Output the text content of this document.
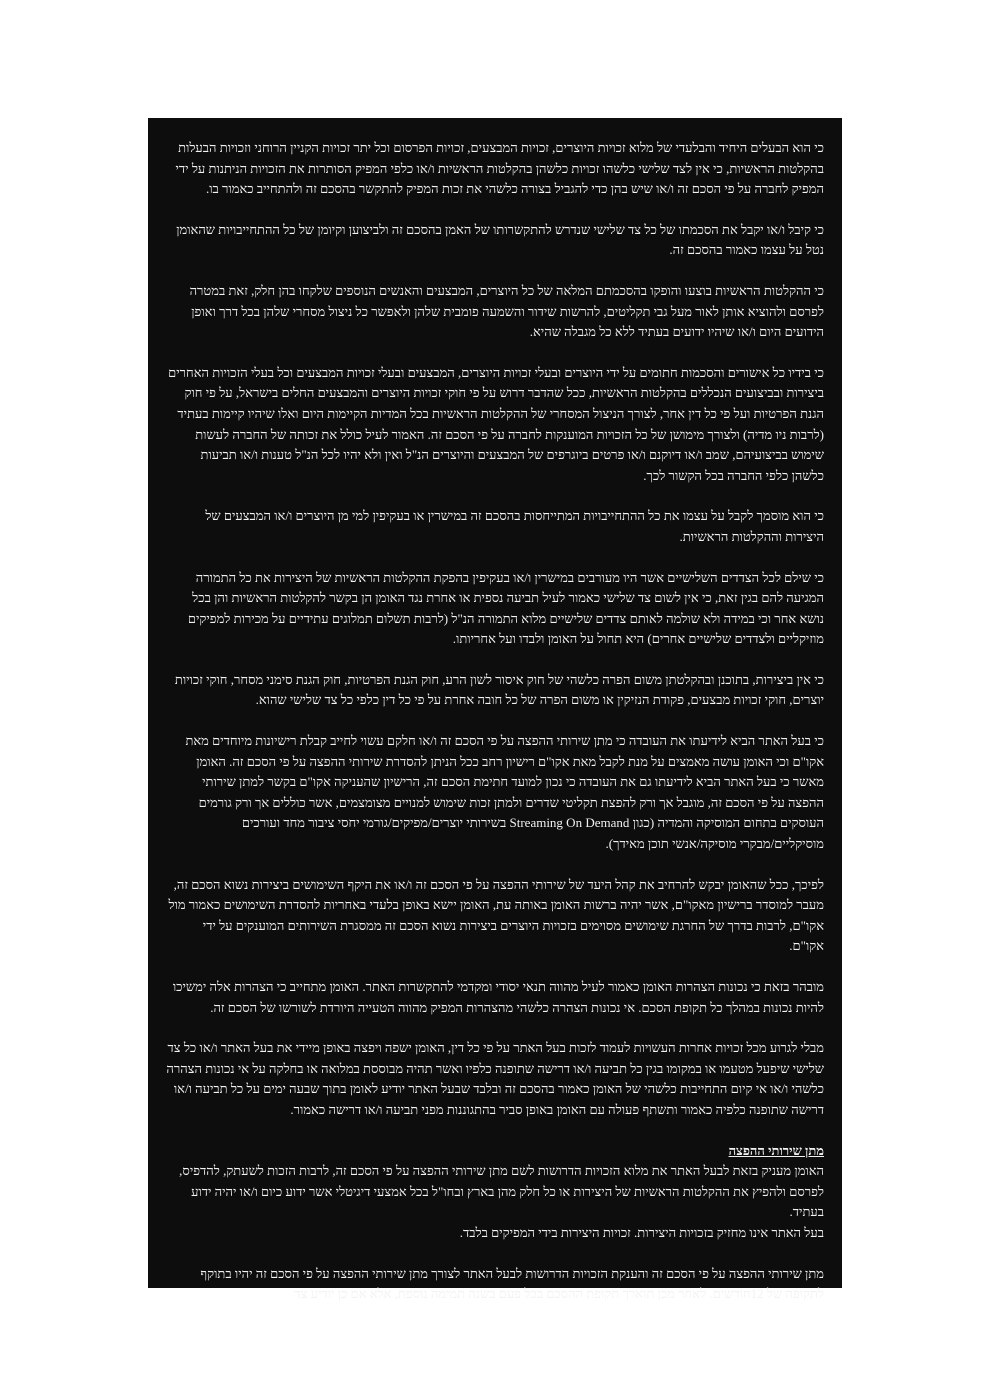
כי הוא הבעלים היחיד והבלעדי של מלוא זכויות היוצרים, זכויות המבצעים, זכויות הפרסום וכל יתר זכויות הקניין הרוחני וזכויות הבעלות בהקלטות הראשיות, כי אין לצד שלישי כלשהו זכויות כלשהן בהקלטות הראשיות ו/או כלפי המפיק הסותרות את הזכויות הניתנות על ידי המפיק לחברה על פי הסכם זה ו/או שיש בהן כדי להגביל בצורה כלשהי את זכות המפיק להתקשר בהסכם זה ולהתחייב כאמור בו.

כי קיבל ו/או יקבל את הסכמתו של כל צד שלישי שנדרש להתקשרותו של האמן בהסכם זה ולביצוען וקיומן של כל ההתחייבויות שהאומן נטל על עצמו כאמור בהסכם זה.

כי ההקלטות הראשיות בוצעו והופקו בהסכמתם המלאה של כל היוצרים, המבצעים והאנשים הנוספים שלקחו בהן חלק, זאת במטרה לפרסם ולהוציא אותן לאור מעל גבי תקליטים, להרשות שידור והשמעה פומבית שלהן ולאפשר כל ניצול מסחרי שלהן בכל דרך ואופן הידועים היום ו/או שיהיו ידועים בעתיד ללא כל מגבלה שהיא.

כי בידיו כל אישורים והסכמות חתומים על ידי היוצרים ובעלי זכויות היוצרים, המבצעים ובעלי זכויות המבצעים וכל בעלי הזכויות האחרים ביצירות ובביצועים הנכללים בהקלטות הראשיות, ככל שהדבר דרוש על פי חוקי זכויות היוצרים והמבצעים החלים בישראל, על פי חוק הגנת הפרטיות ועל פי כל דין אחר, לצורך הניצול המסחרי של ההקלטות הראשיות בכל המדיות הקיימות היום ואלו שיהיו קיימות בעתיד (לרבות ניו מדיה) ולצורך מימושן של כל הזכויות המוענקות לחברה על פי הסכם זה. האמור לעיל כולל את זכותה של החברה לעשות שימוש בביצועיהם, שמב ו/או דיוקנם ו/או פרטים ביוגרפים של המבצעים והיוצרים הנ"ל ואין ולא יהיו לכל הנ"ל טענות ו/או תביעות כלשהן כלפי החברה בכל הקשור לכך.

כי הוא מוסמך לקבל על עצמו את כל ההתחייבויות המתייחסות בהסכם זה במישרין או בעקיפין למי מן היוצרים ו/או המבצעים של היצירות וההקלטות הראשיות.

כי שילם לכל הצדדים השלישיים אשר היו מעורבים במישרין ו/או בעקיפין בהפקת ההקלטות הראשיות של היצירות את כל התמורה המגיעה להם בגין זאת, כי אין לשום צד שלישי כאמור לעיל תביעה נספית או אחרת נגד האומן הן בקשר להקלטות הראשיות והן בכל נושא אחר וכי במידה ולא שולמה לאותם צדדים שלישיים מלוא התמורה הנ"ל (לרבות תשלום תמלוגים עתידיים על מכירות למפיקים מוזיקליים ולצדדים שלישיים אחרים) היא תחול על האומן ולבדו ועל אחריותו.

כי אין ביצירות, בתוכנן ובהקלטתן משום הפרה כלשהי של חוק איסור לשון הרע, חוק הגנת הפרטיות, חוק הגנת סימני מסחר, חוקי זכויות יוצרים, חוקי זכויות מבצעים, פקודת הנזיקין או משום הפרה של כל חובה אחרת על פי כל דין כלפי כל צד שלישי שהוא.

כי בעל האתר הביא לידיעתו את העובדה כי מתן שירותי ההפצה על פי הסכם זה ו/או חלקם עשוי לחייב קבלת רישיונות מיוחדים מאת אקו"ם וכי האומן עושה מאמצים על מנת לקבל מאת אקו"ם רישיון רחב ככל הניתן להסדרת שירותי ההפצה על פי הסכם זה. האומן מאשר כי בעל האתר הביא לידיעתו גם את העובדה כי נכון למועד חתימת הסכם זה, הרישיון שהעניקה אקו"ם בקשר למתן שירותי ההפצה על פי הסכם זה, מוגבל אך ורק להפצת תקליטי שדרים ולמתן זכות שימוש למנויים מצומצמים, אשר כוללים אך ורק גורמים העוסקים בתחום המוסיקה והמדיה (כגון Streaming On Demand בשירותי יוצרים/מפיקים/גורמי יחסי ציבור מחד ועורכים מוסיקליים/מבקרי מוסיקה/אנשי תוכן מאידך).

לפיכך, ככל שהאומן יבקש להרחיב את קהל היעד של שירותי ההפצה על פי הסכם זה ו/או את היקף השימושים ביצירות נשוא הסכם זה, מעבר למוסדר ברישיון מאקו"ם, אשר יהיה ברשות האומן באותה עת, האומן יישא באופן בלעדי באחריות להסדרת השימושים כאמור מול אקו"ם, לרבות בדרך של החרגת שימושים מסוימים בזכויות היוצרים ביצירות נשוא הסכם זה ממסגרת השירותים המוענקים על ידי אקו"ם.

מובהר בזאת כי נכונות הצהרות האומן כאמור לעיל מהווה תנאי יסודי ומקדמי להתקשרות האתר. האומן מתחייב כי הצהרות אלה ימשיכו להיות נכונות במהלך כל תקופת הסכם. אי נכונות הצהרה כלשהי מהצהרות המפיק מהווה הטעייה היורדת לשורשו של הסכם זה.

מבלי לגרוע מכל זכויות אחרות העשויות לעמוד לזכות בעל האתר על פי כל דין, האומן ישפה ויפצה באופן מיידי את בעל האתר ו/או כל צד שלישי שיפעל מטעמו או במקומו בגין כל תביעה ו/או דרישה שתופנה כלפיו ואשר תהיה מבוססת במלואה או בחלקה על אי נכונות הצהרה כלשהי ו/או אי קיום התחייבות כלשהי של האומן כאמור בהסכם זה ובלבד שבעל האתר יודיע לאומן בתוך שבעה ימים על כל תביעה ו/או דרישה שתופנה כלפיה כאמור ותשתף פעולה עם האומן באופן סביר בהתגוננות מפני תביעה ו/או דרישה כאמור.

מתן שירותי ההפצה

האומן מעניק בזאת לבעל האתר את מלוא הזכויות הדרושות לשם מתן שירותי ההפצה על פי הסכם זה, לרבות הזכות לשעתק, להדפיס, לפרסם ולהפיץ את ההקלטות הראשיות של היצירות או כל חלק מהן בארץ ובחו"ל בכל אמצעי דיגיטלי אשר ידוע כיום ו/או יהיה ידוע בעתיד.

בעל האתר אינו מחזיק בזכויות היצירות. זכויות היצירות בידי המפיקים בלבד.

מתן שירותי ההפצה על פי הסכם זה והענקת הזכויות הדרושות לבעל האתר לצורך מתן שירותי ההפצה על פי הסכם זה יהיו בתוקף לתקופה של 12חודשים. לאחר מכן תוארך תקופת ההסכם בכל פעם בשנה תמימה נוספת, אלא אם כן יודיע צד
